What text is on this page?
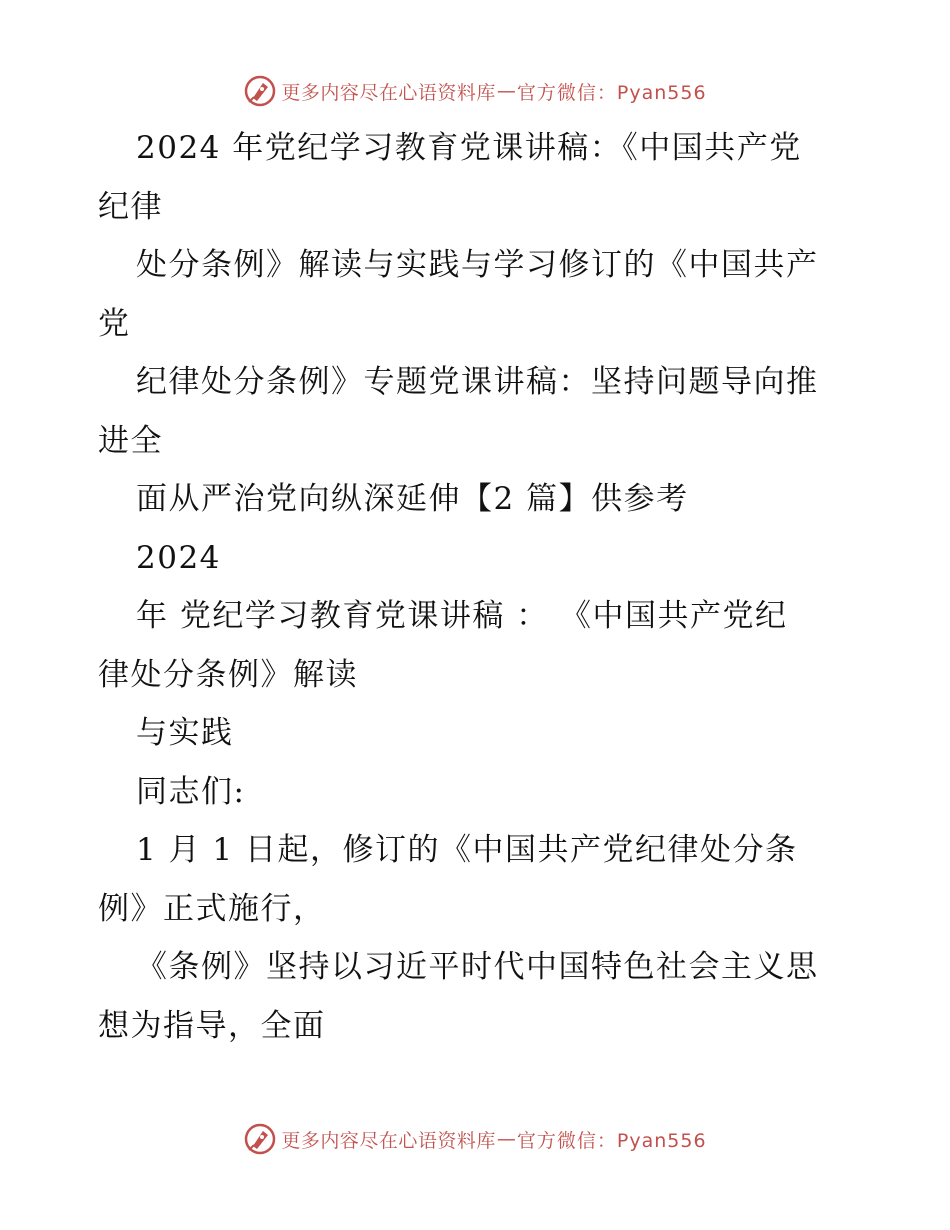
更多内容尽在心语资料库 — 官方微信：Pyan556
2024 年党纪学习教育党课讲稿：《中国共产党
纪律
处分条例》解读与实践与学习修订的《中国共产
党
纪律处分条例》专题党课讲稿：坚持问题导向推
进全
面从严治党向纵深延伸【2 篇】供参考
2024
年 党纪学习教育党课讲稿 ： 《中国共产党纪
律处分条例》解读
与实践
同志们:
1 月 1 日起，修订的《中国共产党纪律处分条
例》正式施行，
《条例》坚持以习近平时代中国特色社会主义思
想为指导，全面
更多内容尽在心语资料库 — 官方微信：Pyan556
